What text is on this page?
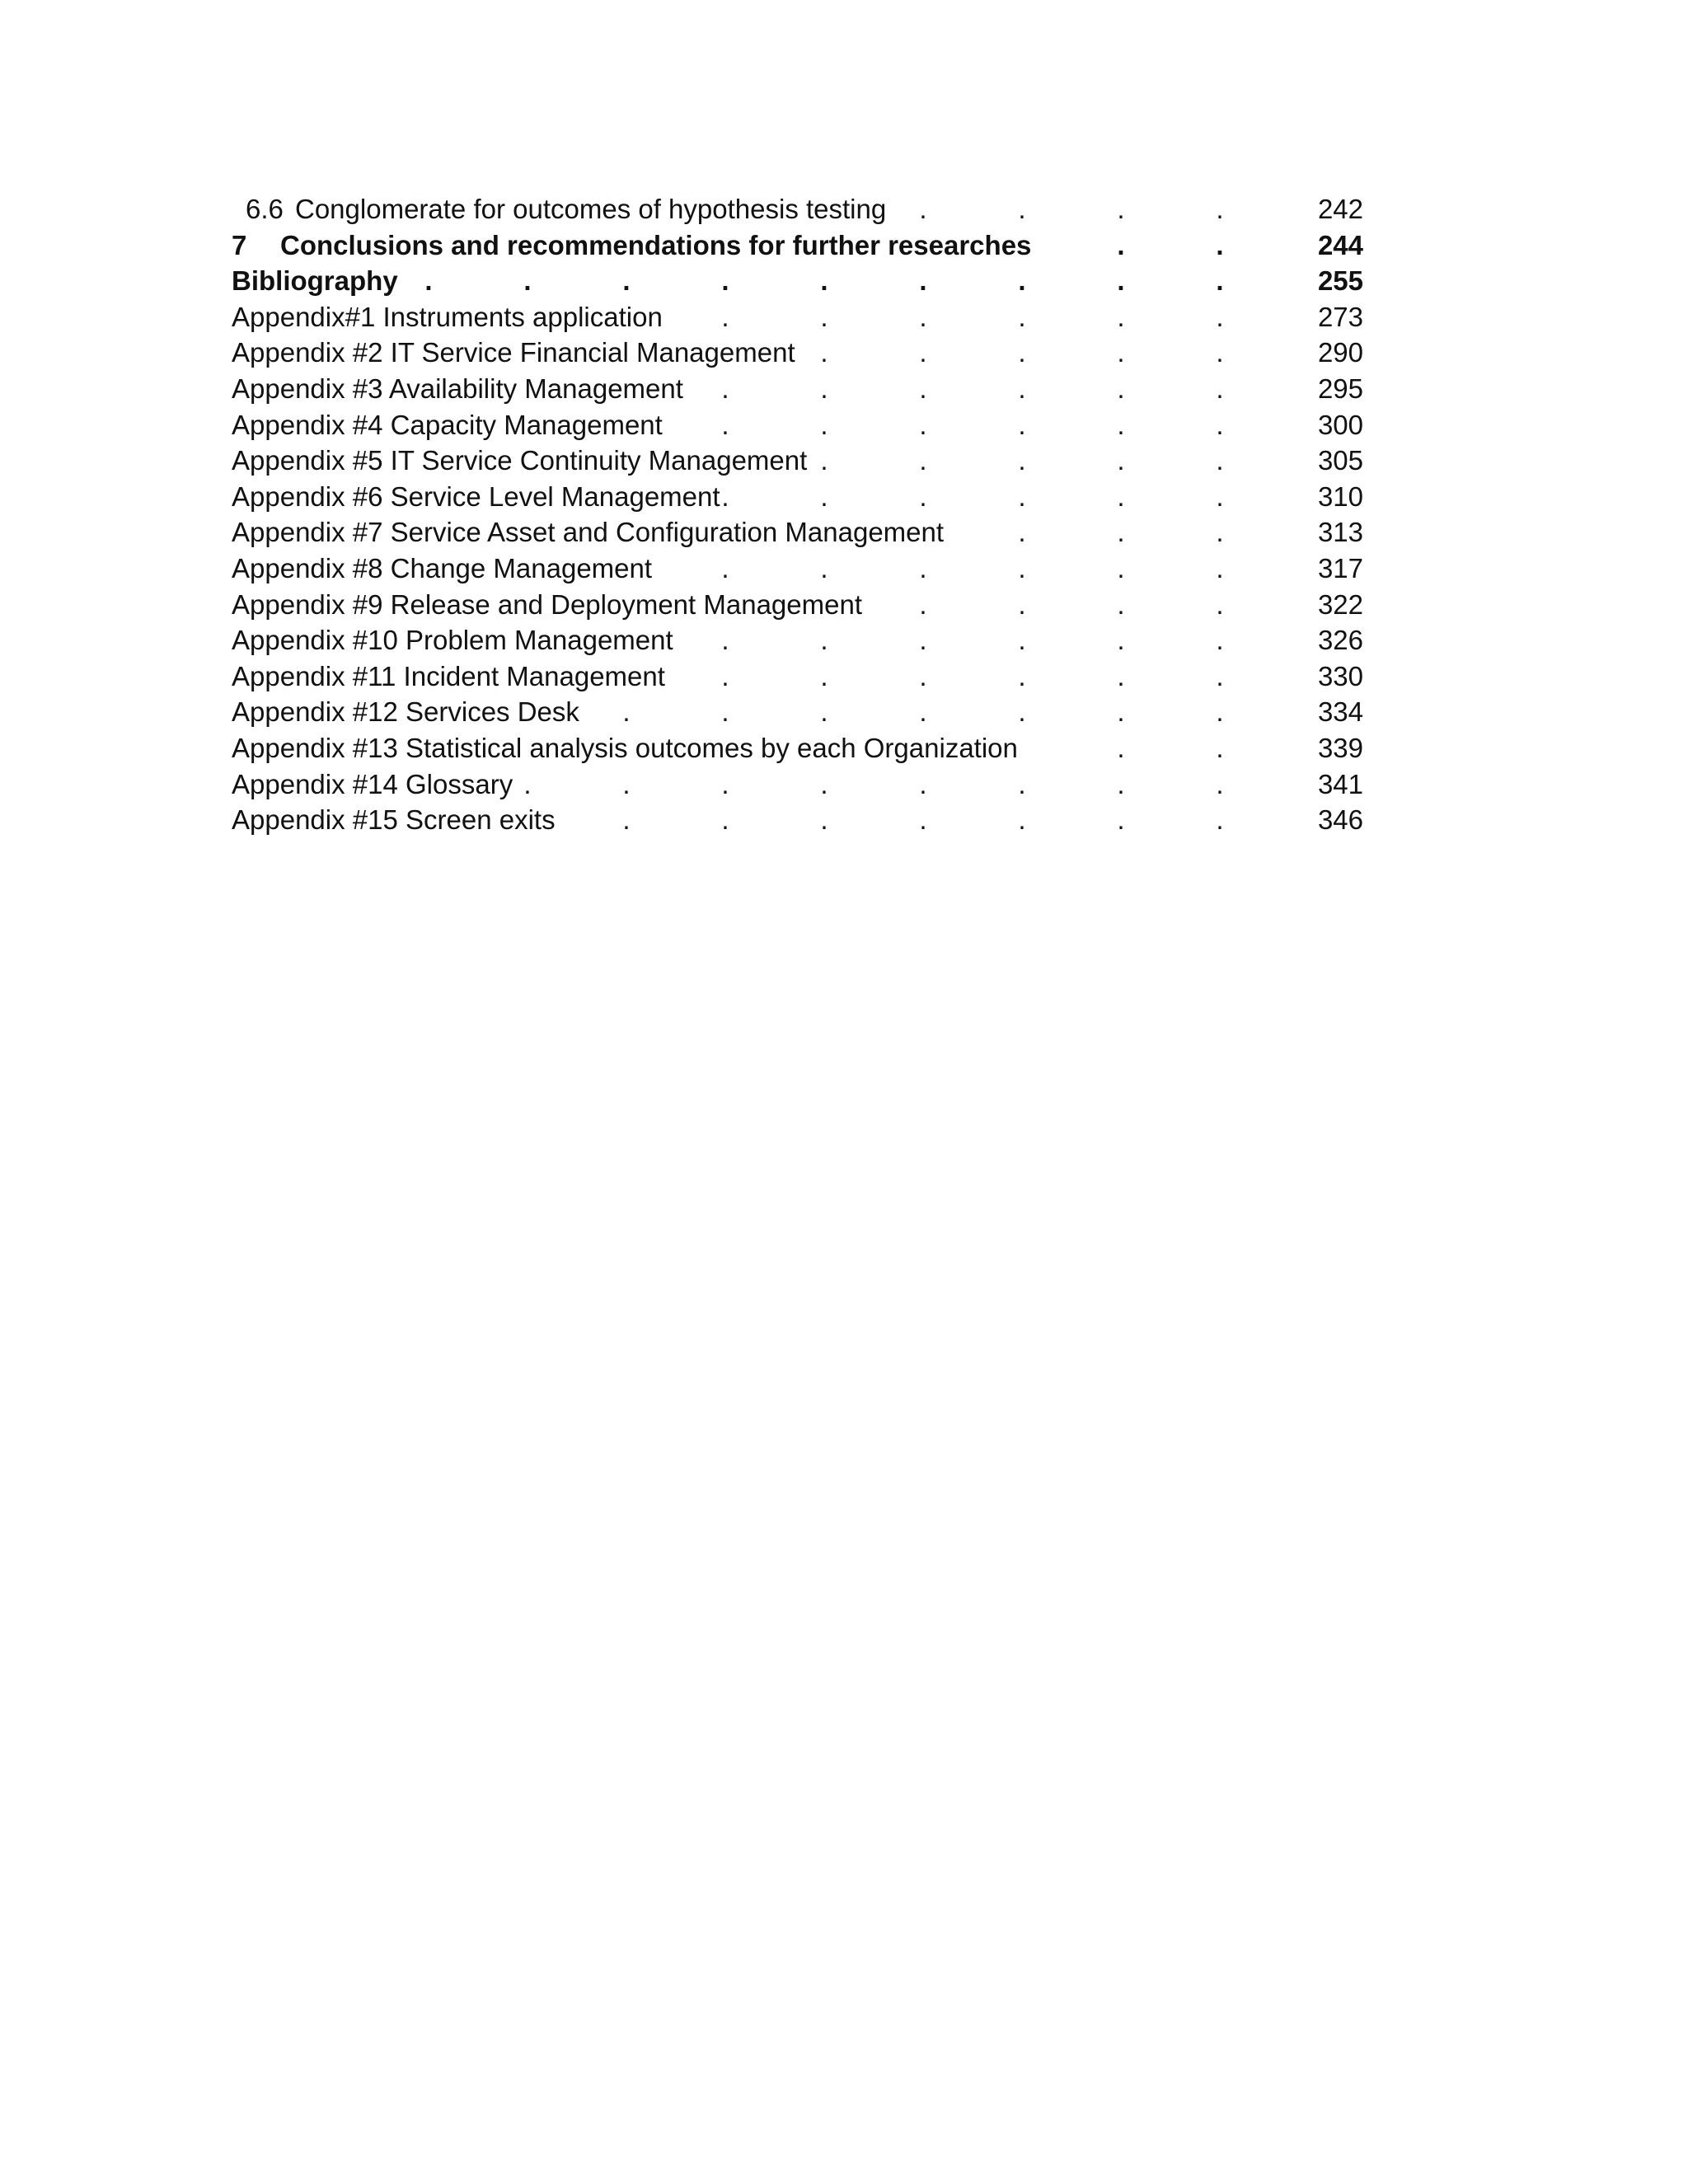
6.6 Conglomerate for outcomes of hypothesis testing .	.	.	.	242
7 Conclusions and recommendations for further researches	.	.	244
Bibliography .	.	.	.	.	.	.	.	.	255
Appendix#1 Instruments application .	.	.	.	.	.	273
Appendix #2 IT Service Financial Management .	.	.	.	.	290
Appendix #3 Availability Management .	.	.	.	.	.	295
Appendix #4 Capacity Management .	.	.	.	.	.	300
Appendix #5 IT Service Continuity Management .	.	.	.	.	305
Appendix #6 Service Level Management .	.	.	.	.	.	310
Appendix #7 Service Asset and Configuration Management	.	.	.	313
Appendix #8 Change Management	.	.	.	.	.	.	317
Appendix #9 Release and Deployment Management .	.	.	.	322
Appendix #10 Problem Management .	.	.	.	.	.	326
Appendix #11 Incident Management .	.	.	.	.	.	330
Appendix #12 Services Desk .	.	.	.	.	.	.	334
Appendix #13 Statistical analysis outcomes by each Organization	.	.	339
Appendix #14 Glossary .	.	.	.	.	.	.	.	341
Appendix #15 Screen exits .	.	.	.	.	.	.	346
